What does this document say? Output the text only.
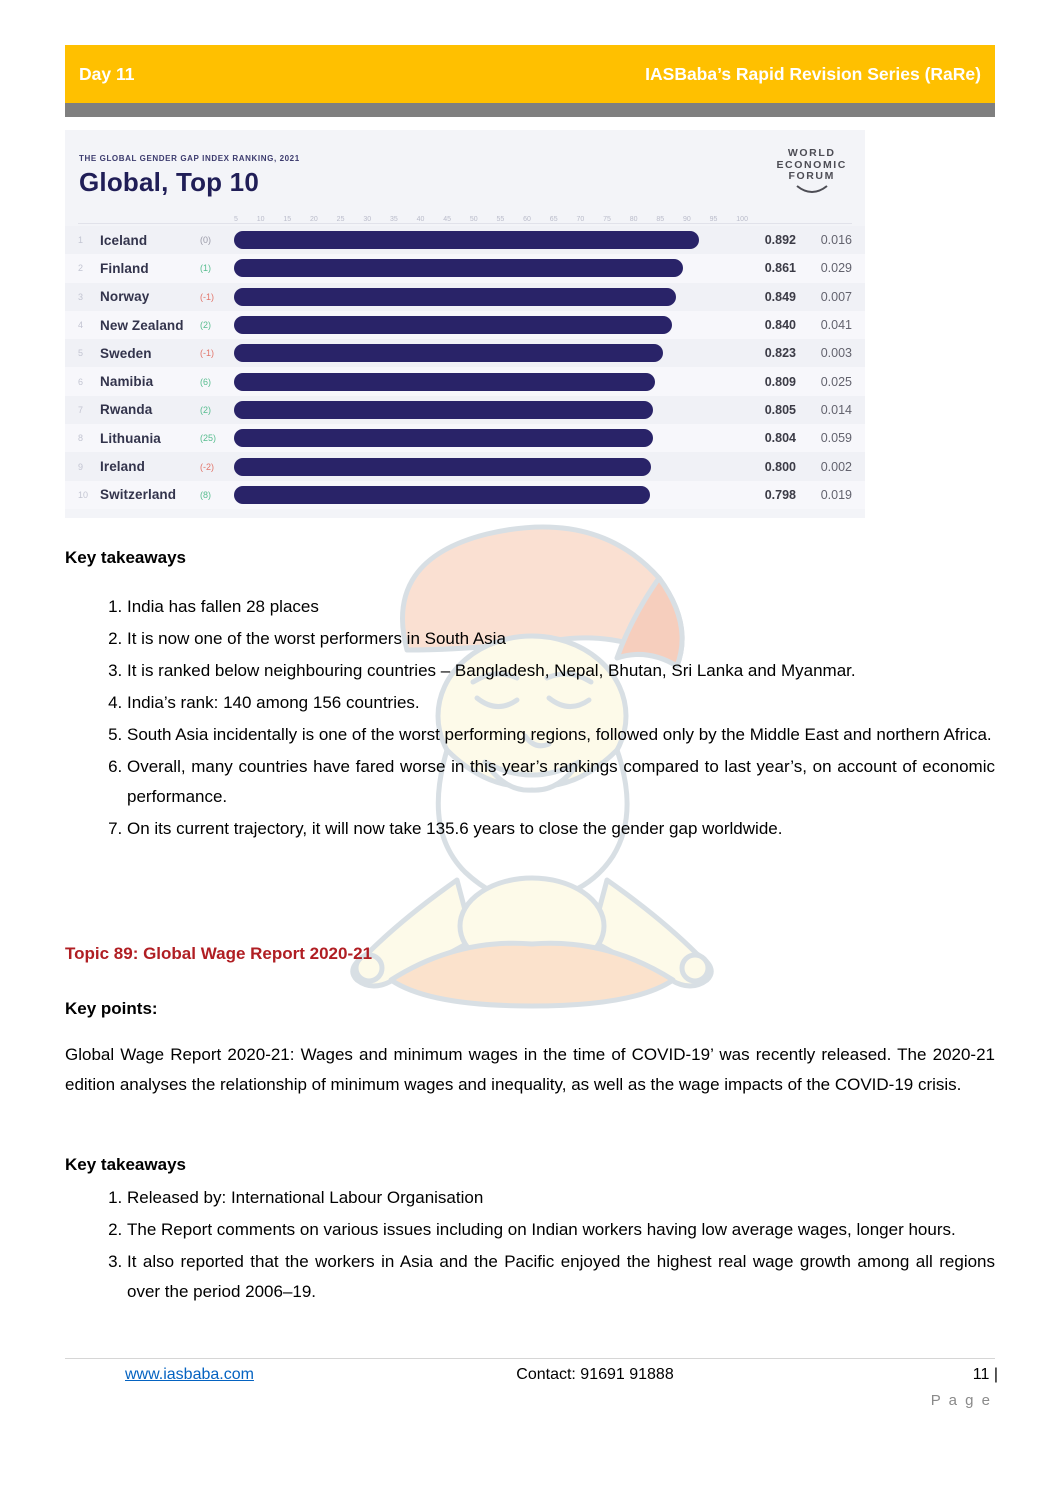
Day 11	IASBaba’s Rapid Revision Series (RaRe)
THE GLOBAL GENDER GAP INDEX RANKING, 2021
Global, Top 10
WORLD
ECONOMIC
FORUM
5	10	15	20	25	30	35	40	45	50	55	60	65	70	75	80	85	90	95	100
1	Iceland	(0)	0.892	0.016
2	Finland	(1)	0.861	0.029
3	Norway	(-1)	0.849	0.007
4	New Zealand	(2)	0.840	0.041
5	Sweden	(-1)	0.823	0.003
6	Namibia	(6)	0.809	0.025
7	Rwanda	(2)	0.805	0.014
8	Lithuania	(25)	0.804	0.059
9	Ireland	(-2)	0.800	0.002
10 Switzerland	(8)	0.798	0.019
Key takeaways
1. India has fallen 28 places
2. It is now one of the worst performers in South Asia
3. It is ranked below neighbouring countries – Bangladesh, Nepal, Bhutan, Sri Lanka and Myanmar.
4. India’s rank: 140 among 156 countries.
5. South Asia incidentally is one of the worst performing regions, followed only by the Middle East and northern Africa.
6. Overall, many countries have fared worse in this year’s rankings compared to last year’s, on account of economic performance.
7. On its current trajectory, it will now take 135.6 years to close the gender gap worldwide.
Topic 89: Global Wage Report 2020-21
Key points:
Global Wage Report 2020-21: Wages and minimum wages in the time of COVID-19’ was recently released. The 2020-21 edition analyses the relationship of minimum wages and inequality, as well as the wage impacts of the COVID-19 crisis.
Key takeaways
1. Released by: International Labour Organisation
2. The Report comments on various issues including on Indian workers having low average wages, longer hours.
3. It also reported that the workers in Asia and the Pacific enjoyed the highest real wage growth among all regions over the period 2006–19.
www.iasbaba.com	Contact: 91691 91888	11 |
P a g e
